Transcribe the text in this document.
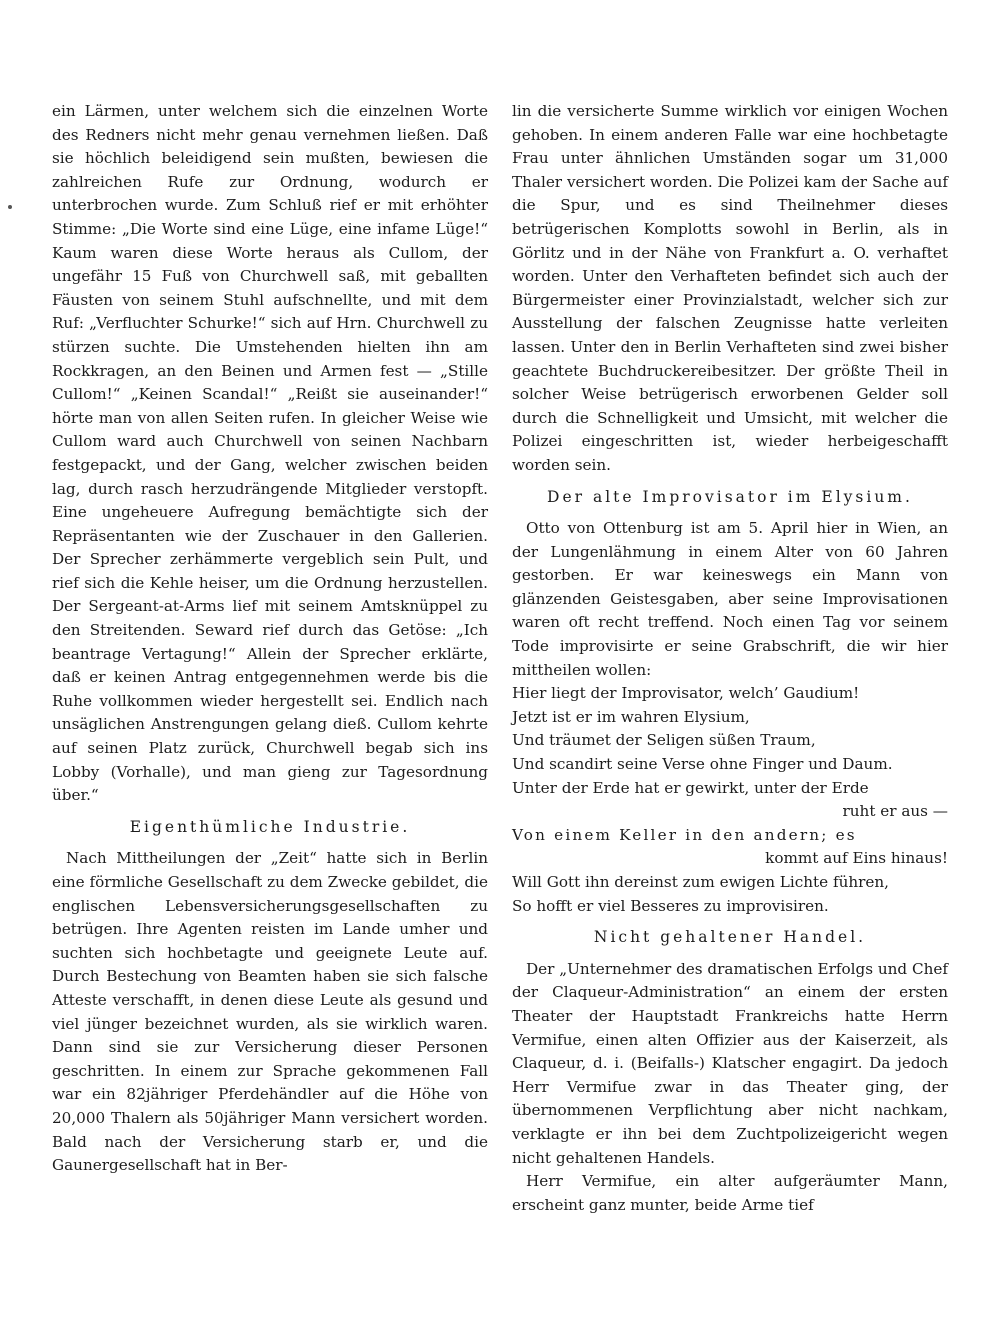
ein Lärmen, unter welchem sich die einzelnen Worte des Redners nicht mehr genau vernehmen ließen. Daß sie höchlich beleidigend sein mußten, bewiesen die zahlreichen Rufe zur Ordnung, wodurch er unterbrochen wurde. Zum Schluß rief er mit erhöhter Stimme: „Die Worte sind eine Lüge, eine infame Lüge!“ Kaum waren diese Worte heraus als Cullom, der ungefähr 15 Fuß von Churchwell saß, mit geballten Fäusten von seinem Stuhl aufschnellte, und mit dem Ruf: „Verfluchter Schurke!“ sich auf Hrn. Churchwell zu stürzen suchte. Die Umstehenden hielten ihn am Rockkragen, an den Beinen und Armen fest — „Stille Cullom!“ „Keinen Scandal!“ „Reißt sie auseinander!“ hörte man von allen Seiten rufen. In gleicher Weise wie Cullom ward auch Churchwell von seinen Nachbarn festgepackt, und der Gang, welcher zwischen beiden lag, durch rasch herzudrängende Mitglieder verstopft. Eine ungeheuere Aufregung bemächtigte sich der Repräsentanten wie der Zuschauer in den Gallerien. Der Sprecher zerhämmerte vergeblich sein Pult, und rief sich die Kehle heiser, um die Ordnung herzustellen. Der Sergeant-at-Arms lief mit seinem Amtsknüppel zu den Streitenden. Seward rief durch das Getöse: „Ich beantrage Vertagung!“ Allein der Sprecher erklärte, daß er keinen Antrag entgegennehmen werde bis die Ruhe vollkommen wieder hergestellt sei. Endlich nach unsäglichen Anstrengungen gelang dieß. Cullom kehrte auf seinen Platz zurück, Churchwell begab sich ins Lobby (Vorhalle), und man gieng zur Tagesordnung über.“

Eigenthümliche Industrie.

Nach Mittheilungen der „Zeit“ hatte sich in Berlin eine förmliche Gesellschaft zu dem Zwecke gebildet, die englischen Lebensversicherungsgesellschaften zu betrügen. Ihre Agenten reisten im Lande umher und suchten sich hochbetagte und geeignete Leute auf. Durch Bestechung von Beamten haben sie sich falsche Atteste verschafft, in denen diese Leute als gesund und viel jünger bezeichnet wurden, als sie wirklich waren. Dann sind sie zur Versicherung dieser Personen geschritten. In einem zur Sprache gekommenen Fall war ein 82jähriger Pferdehändler auf die Höhe von 20,000 Thalern als 50jähriger Mann versichert worden. Bald nach der Versicherung starb er, und die Gaunergesellschaft hat in Ber-

lin die versicherte Summe wirklich vor einigen Wochen gehoben. In einem anderen Falle war eine hochbetagte Frau unter ähnlichen Umständen sogar um 31,000 Thaler versichert worden. Die Polizei kam der Sache auf die Spur, und es sind Theilnehmer dieses betrügerischen Komplotts sowohl in Berlin, als in Görlitz und in der Nähe von Frankfurt a. O. verhaftet worden. Unter den Verhafteten befindet sich auch der Bürgermeister einer Provinzialstadt, welcher sich zur Ausstellung der falschen Zeugnisse hatte verleiten lassen. Unter den in Berlin Verhafteten sind zwei bisher geachtete Buchdruckereibesitzer. Der größte Theil in solcher Weise betrügerisch erworbenen Gelder soll durch die Schnelligkeit und Umsicht, mit welcher die Polizei eingeschritten ist, wieder herbeigeschafft worden sein.

Der alte Improvisator im Elysium.

Otto von Ottenburg ist am 5. April hier in Wien, an der Lungenlähmung in einem Alter von 60 Jahren gestorben. Er war keineswegs ein Mann von glänzenden Geistesgaben, aber seine Improvisationen waren oft recht treffend. Noch einen Tag vor seinem Tode improvisirte er seine Grabschrift, die wir hier mittheilen wollen:

Hier liegt der Improvisator, welch’ Gaudium!
Jetzt ist er im wahren Elysium,
Und träumet der Seligen süßen Traum,
Und scandirt seine Verse ohne Finger und Daum.
Unter der Erde hat er gewirkt, unter der Erde
ruht er aus —
Von einem Keller in den andern; es
kommt auf Eins hinaus!
Will Gott ihn dereinst zum ewigen Lichte führen,
So hofft er viel Besseres zu improvisiren.
Nicht gehaltener Handel.

Der „Unternehmer des dramatischen Erfolgs und Chef der Claqueur-Administration“ an einem der ersten Theater der Hauptstadt Frankreichs hatte Herrn Vermifue, einen alten Offizier aus der Kaiserzeit, als Claqueur, d. i. (Beifalls-) Klatscher engagirt. Da jedoch Herr Vermifue zwar in das Theater ging, der übernommenen Verpflichtung aber nicht nachkam, verklagte er ihn bei dem Zuchtpolizeigericht wegen nicht gehaltenen Handels.

Herr Vermifue, ein alter aufgeräumter Mann, erscheint ganz munter, beide Arme tief
